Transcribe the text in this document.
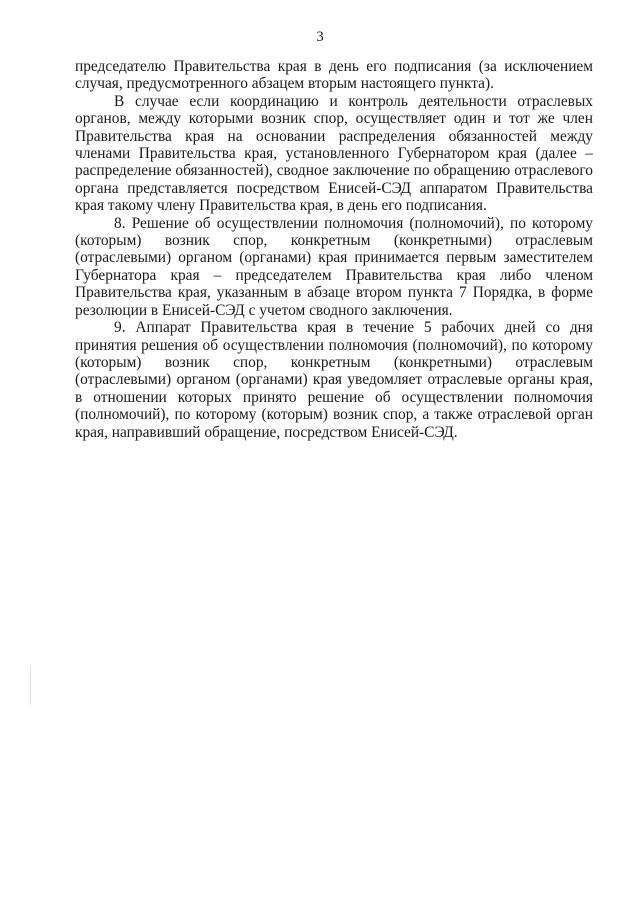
3

председателю Правительства края в день его подписания (за исключением случая, предусмотренного абзацем вторым настоящего пункта).

В случае если координацию и контроль деятельности отраслевых органов, между которыми возник спор, осуществляет один и тот же член Правительства края на основании распределения обязанностей между членами Правительства края, установленного Губернатором края (далее – распределение обязанностей), сводное заключение по обращению отраслевого органа представляется посредством Енисей-СЭД аппаратом Правительства края такому члену Правительства края, в день его подписания.

8. Решение об осуществлении полномочия (полномочий), по которому (которым) возник спор, конкретным (конкретными) отраслевым (отраслевыми) органом (органами) края принимается первым заместителем Губернатора края – председателем Правительства края либо членом Правительства края, указанным в абзаце втором пункта 7 Порядка, в форме резолюции в Енисей-СЭД с учетом сводного заключения.

9. Аппарат Правительства края в течение 5 рабочих дней со дня принятия решения об осуществлении полномочия (полномочий), по которому (которым) возник спор, конкретным (конкретными) отраслевым (отраслевыми) органом (органами) края уведомляет отраслевые органы края, в отношении которых принято решение об осуществлении полномочия (полномочий), по которому (которым) возник спор, а также отраслевой орган края, направивший обращение, посредством Енисей-СЭД.
